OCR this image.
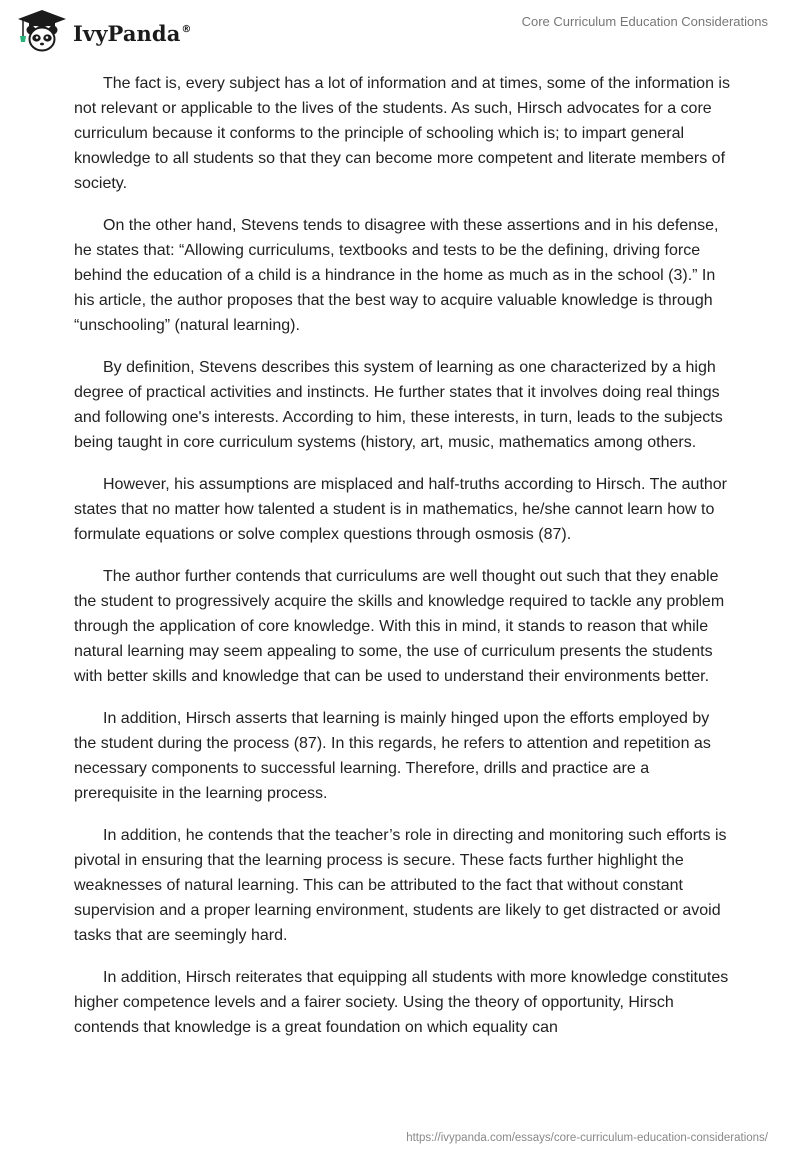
IvyPanda®	Core Curriculum Education Considerations

The fact is, every subject has a lot of information and at times, some of the information is not relevant or applicable to the lives of the students. As such, Hirsch advocates for a core curriculum because it conforms to the principle of schooling which is; to impart general knowledge to all students so that they can become more competent and literate members of society.

On the other hand, Stevens tends to disagree with these assertions and in his defense, he states that: “Allowing curriculums, textbooks and tests to be the defining, driving force behind the education of a child is a hindrance in the home as much as in the school (3).” In his article, the author proposes that the best way to acquire valuable knowledge is through “unschooling” (natural learning).

By definition, Stevens describes this system of learning as one characterized by a high degree of practical activities and instincts. He further states that it involves doing real things and following one's interests. According to him, these interests, in turn, leads to the subjects being taught in core curriculum systems (history, art, music, mathematics among others.

However, his assumptions are misplaced and half-truths according to Hirsch. The author states that no matter how talented a student is in mathematics, he/she cannot learn how to formulate equations or solve complex questions through osmosis (87).

The author further contends that curriculums are well thought out such that they enable the student to progressively acquire the skills and knowledge required to tackle any problem through the application of core knowledge. With this in mind, it stands to reason that while natural learning may seem appealing to some, the use of curriculum presents the students with better skills and knowledge that can be used to understand their environments better.

In addition, Hirsch asserts that learning is mainly hinged upon the efforts employed by the student during the process (87). In this regards, he refers to attention and repetition as necessary components to successful learning. Therefore, drills and practice are a prerequisite in the learning process.

In addition, he contends that the teacher’s role in directing and monitoring such efforts is pivotal in ensuring that the learning process is secure. These facts further highlight the weaknesses of natural learning. This can be attributed to the fact that without constant supervision and a proper learning environment, students are likely to get distracted or avoid tasks that are seemingly hard.

In addition, Hirsch reiterates that equipping all students with more knowledge constitutes higher competence levels and a fairer society. Using the theory of opportunity, Hirsch contends that knowledge is a great foundation on which equality can

https://ivypanda.com/essays/core-curriculum-education-considerations/
